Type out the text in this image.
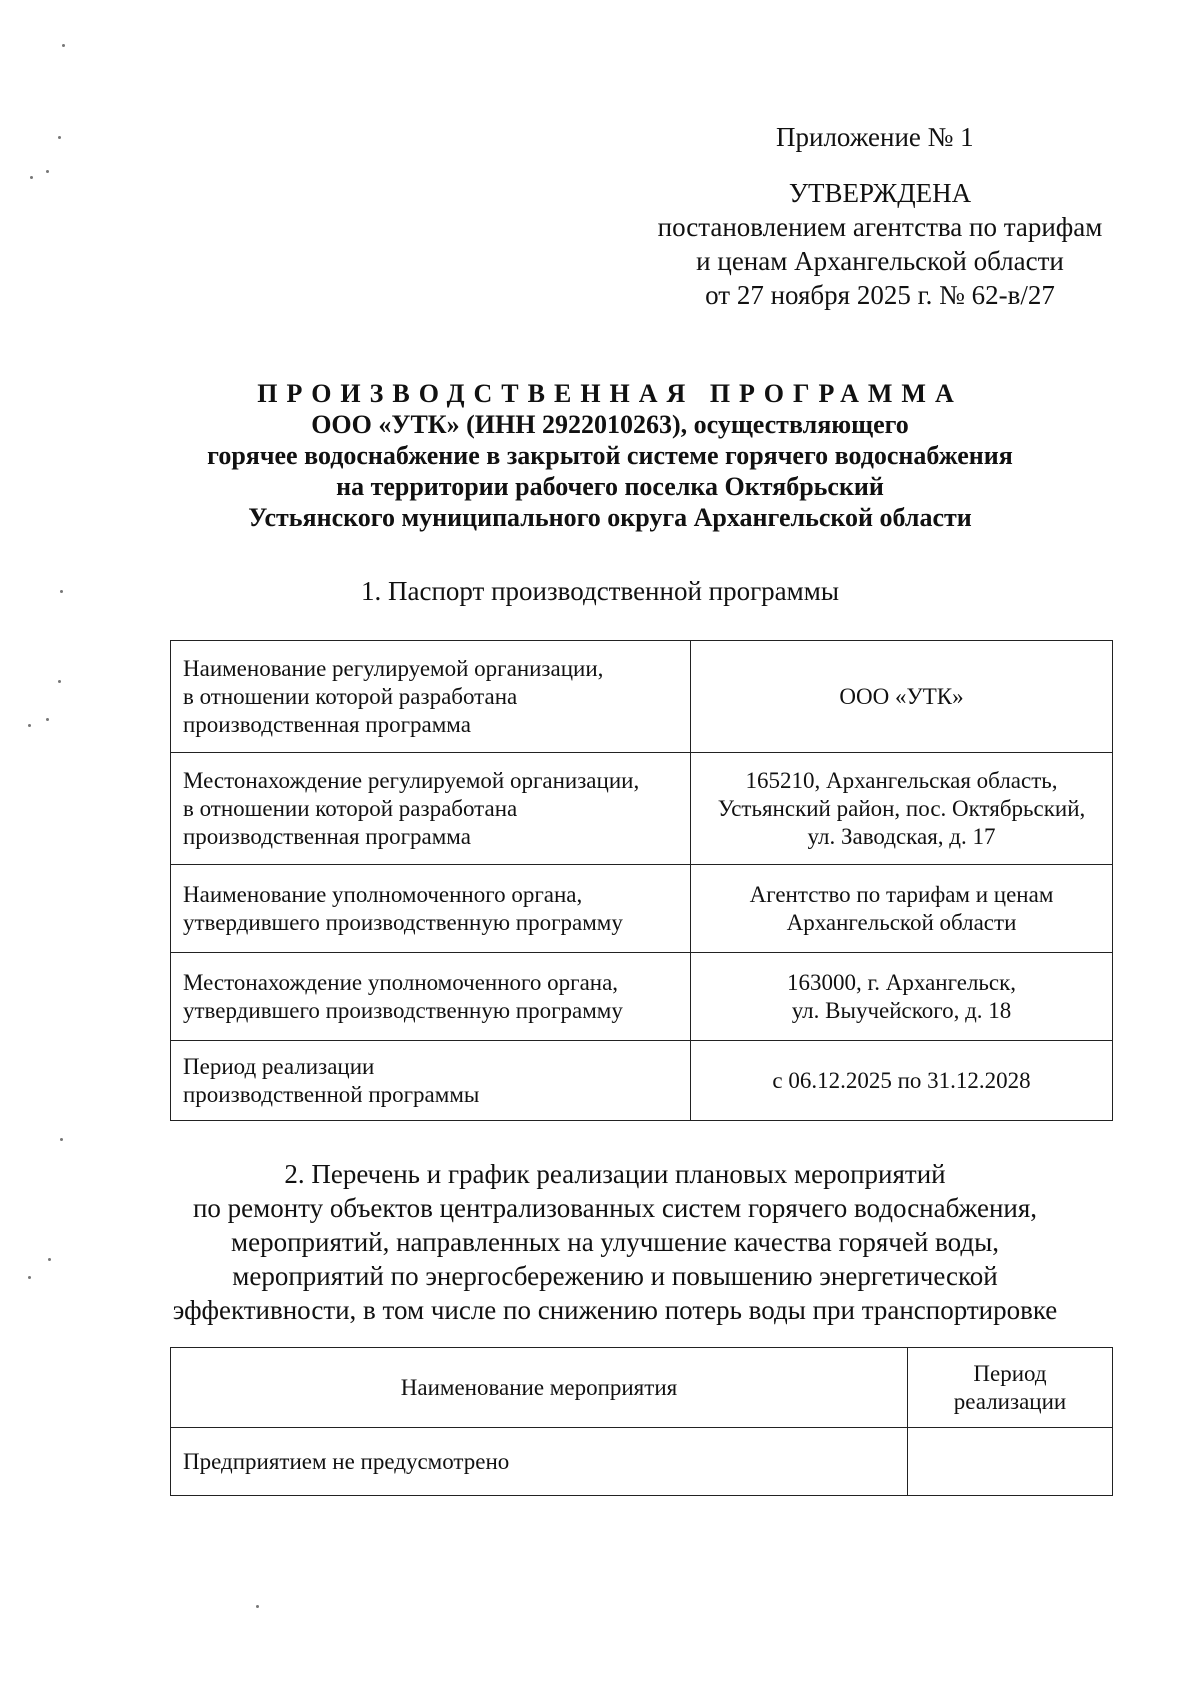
Приложение № 1
УТВЕРЖДЕНА
постановлением агентства по тарифам
и ценам Архангельской области
от 27 ноября 2025 г. № 62-в/27
ПРОИЗВОДСТВЕННАЯ ПРОГРАММА
ООО «УТК» (ИНН 2922010263), осуществляющего
горячее водоснабжение в закрытой системе горячего водоснабжения
на территории рабочего поселка Октябрьский
Устьянского муниципального округа Архангельской области
1. Паспорт производственной программы
Наименование регулируемой организации,
в отношении которой разработана
производственная программа	ООО «УТК»

Местонахождение регулируемой организации,
в отношении которой разработана
производственная программа	165210, Архангельская область,
Устьянский район, пос. Октябрьский,
ул. Заводская, д. 17

Наименование уполномоченного органа,
утвердившего производственную программу	Агентство по тарифам и ценам
Архангельской области

Местонахождение уполномоченного органа,
утвердившего производственную программу	163000, г. Архангельск,
ул. Выучейского, д. 18

Период реализации
производственной программы	с 06.12.2025 по 31.12.2028
2. Перечень и график реализации плановых мероприятий
по ремонту объектов централизованных систем горячего водоснабжения,
мероприятий, направленных на улучшение качества горячей воды,
мероприятий по энергосбережению и повышению энергетической
эффективности, в том числе по снижению потерь воды при транспортировке
Наименование мероприятия	Период
реализации

Предприятием не предусмотрено	
